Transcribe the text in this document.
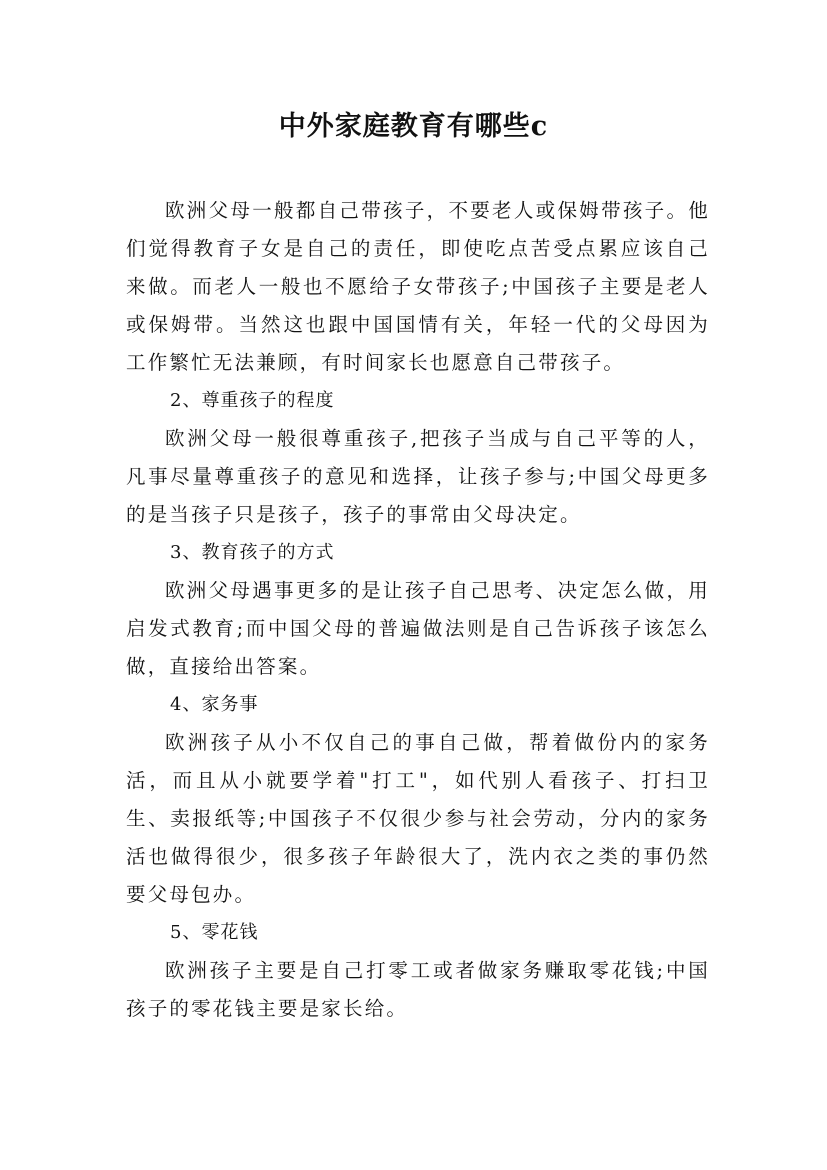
中外家庭教育有哪些c

欧洲父母一般都自己带孩子，不要老人或保姆带孩子。他们觉得教育子女是自己的责任，即使吃点苦受点累应该自己来做。而老人一般也不愿给子女带孩子;中国孩子主要是老人或保姆带。当然这也跟中国国情有关，年轻一代的父母因为工作繁忙无法兼顾，有时间家长也愿意自己带孩子。

2、尊重孩子的程度

欧洲父母一般很尊重孩子,把孩子当成与自己平等的人，凡事尽量尊重孩子的意见和选择，让孩子参与;中国父母更多的是当孩子只是孩子，孩子的事常由父母决定。

3、教育孩子的方式

欧洲父母遇事更多的是让孩子自己思考、决定怎么做，用启发式教育;而中国父母的普遍做法则是自己告诉孩子该怎么做，直接给出答案。

4、家务事

欧洲孩子从小不仅自己的事自己做，帮着做份内的家务活，而且从小就要学着"打工"，如代别人看孩子、打扫卫生、卖报纸等;中国孩子不仅很少参与社会劳动，分内的家务活也做得很少，很多孩子年龄很大了，洗内衣之类的事仍然要父母包办。

5、零花钱

欧洲孩子主要是自己打零工或者做家务赚取零花钱;中国孩子的零花钱主要是家长给。
